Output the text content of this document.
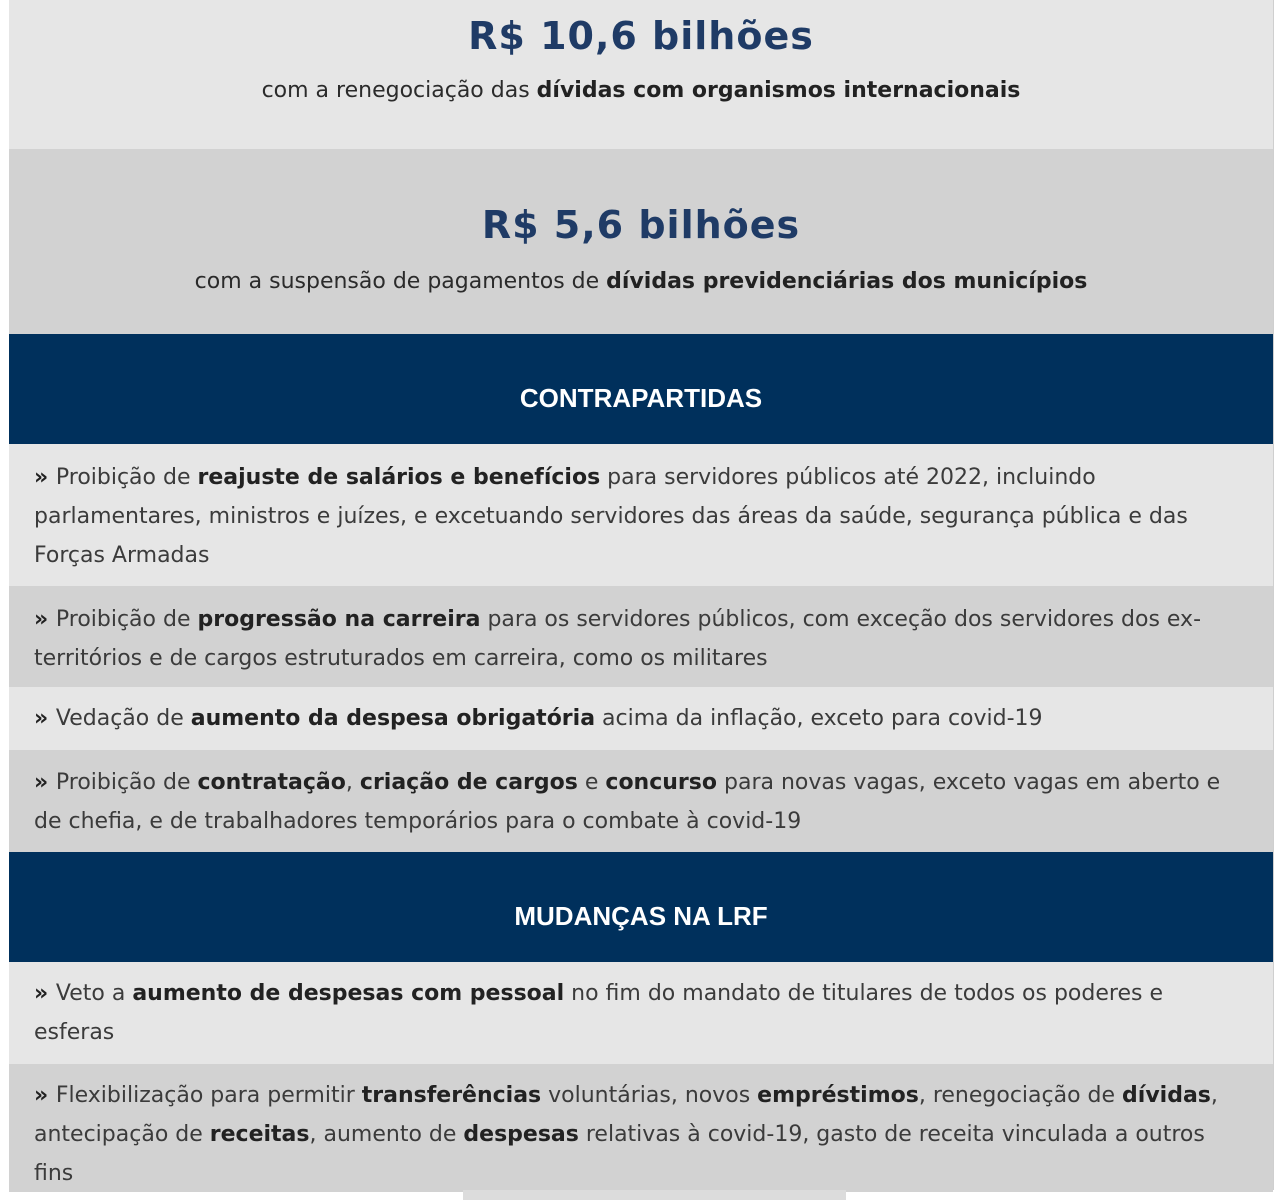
R$ 10,6 bilhões
com a renegociação das dívidas com organismos internacionais
R$ 5,6 bilhões
com a suspensão de pagamentos de dívidas previdenciárias dos municípios
CONTRAPARTIDAS
» Proibição de reajuste de salários e benefícios para servidores públicos até 2022, incluindo parlamentares, ministros e juízes, e excetuando servidores das áreas da saúde, segurança pública e das Forças Armadas
» Proibição de progressão na carreira para os servidores públicos, com exceção dos servidores dos ex-territórios e de cargos estruturados em carreira, como os militares
» Vedação de aumento da despesa obrigatória acima da inflação, exceto para covid-19
» Proibição de contratação, criação de cargos e concurso para novas vagas, exceto vagas em aberto e de chefia, e de trabalhadores temporários para o combate à covid-19
MUDANÇAS NA LRF
» Veto a aumento de despesas com pessoal no fim do mandato de titulares de todos os poderes e esferas
» Flexibilização para permitir transferências voluntárias, novos empréstimos, renegociação de dívidas, antecipação de receitas, aumento de despesas relativas à covid-19, gasto de receita vinculada a outros fins
